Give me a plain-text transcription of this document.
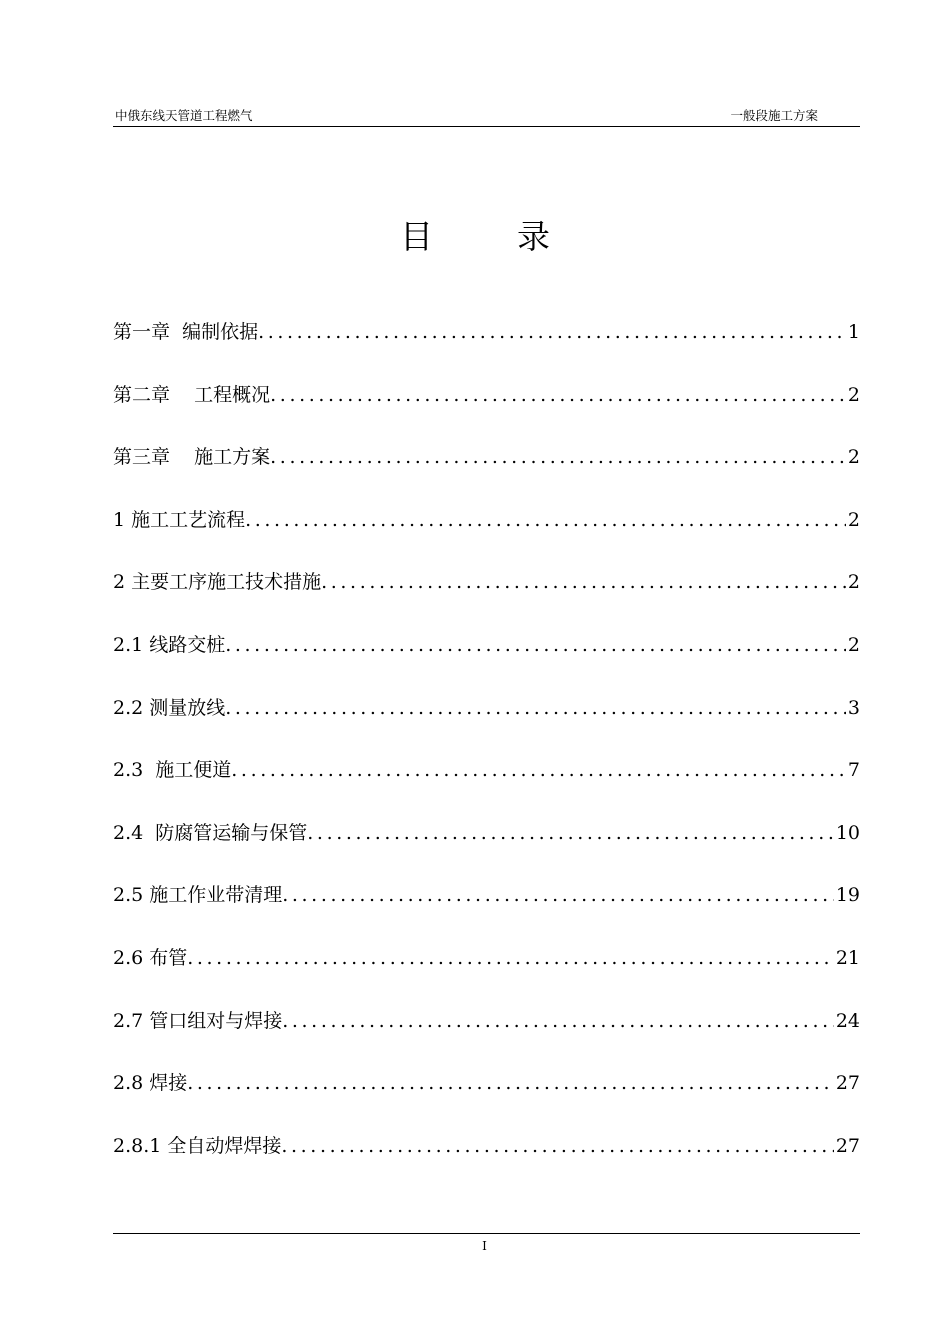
中俄东线天管道工程燃气	一般段施工方案
目        录
第一章  编制依据 .....	1
第二章    工程概况 .....	2
第三章    施工方案 .....	2
1 施工工艺流程 .....	2
2 主要工序施工技术措施 .....	2
2.1 线路交桩 .....	2
2.2 测量放线 .....	3
2.3  施工便道 .....	7
2.4  防腐管运输与保管 .....	10
2.5 施工作业带清理 .....	19
2.6 布管 .....	21
2.7 管口组对与焊接 .....	24
2.8 焊接 .....	27
2.8.1 全自动焊焊接 .....	27
I
